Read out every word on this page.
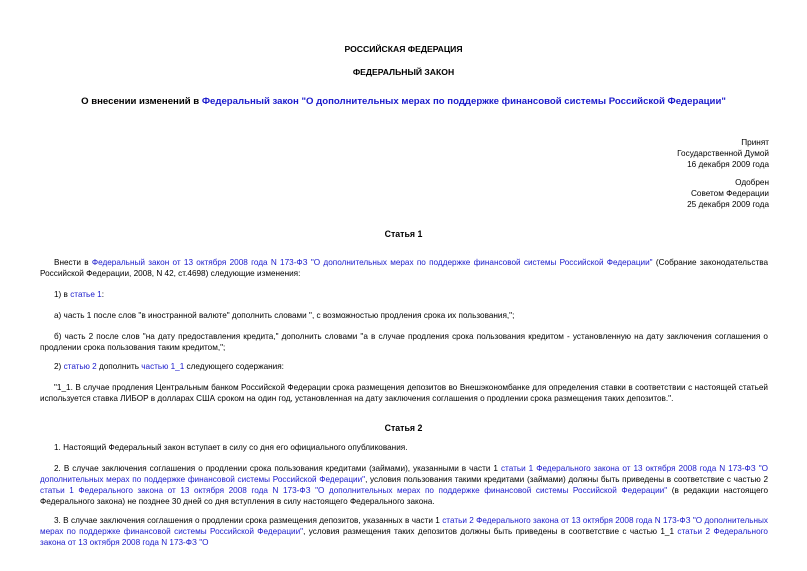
РОССИЙСКАЯ ФЕДЕРАЦИЯ
ФЕДЕРАЛЬНЫЙ ЗАКОН
О внесении изменений в Федеральный закон "О дополнительных мерах по поддержке финансовой системы Российской Федерации"
Принят
Государственной Думой
16 декабря 2009 года
Одобрен
Советом Федерации
25 декабря 2009 года
Статья 1
Внести в Федеральный закон от 13 октября 2008 года N 173-ФЗ "О дополнительных мерах по поддержке финансовой системы Российской Федерации" (Собрание законодательства Российской Федерации, 2008, N 42, ст.4698) следующие изменения:
1) в статье 1:
а) часть 1 после слов "в иностранной валюте" дополнить словами ", с возможностью продления срока их пользования,";
б) часть 2 после слов "на дату предоставления кредита," дополнить словами "а в случае продления срока пользования кредитом - установленную на дату заключения соглашения о продлении срока пользования таким кредитом,";
2) статью 2 дополнить частью 1_1 следующего содержания:
"1_1. В случае продления Центральным банком Российской Федерации срока размещения депозитов во Внешэкономбанке для определения ставки в соответствии с настоящей статьей используется ставка ЛИБОР в долларах США сроком на один год, установленная на дату заключения соглашения о продлении срока размещения таких депозитов.".
Статья 2
1. Настоящий Федеральный закон вступает в силу со дня его официального опубликования.
2. В случае заключения соглашения о продлении срока пользования кредитами (займами), указанными в части 1 статьи 1 Федерального закона от 13 октября 2008 года N 173-ФЗ "О дополнительных мерах по поддержке финансовой системы Российской Федерации", условия пользования такими кредитами (займами) должны быть приведены в соответствие с частью 2 статьи 1 Федерального закона от 13 октября 2008 года N 173-ФЗ "О дополнительных мерах по поддержке финансовой системы Российской Федерации" (в редакции настоящего Федерального закона) не позднее 30 дней со дня вступления в силу настоящего Федерального закона.
3. В случае заключения соглашения о продлении срока размещения депозитов, указанных в части 1 статьи 2 Федерального закона от 13 октября 2008 года N 173-ФЗ "О дополнительных мерах по поддержке финансовой системы Российской Федерации", условия размещения таких депозитов должны быть приведены в соответствие с частью 1_1 статьи 2 Федерального закона от 13 октября 2008 года N 173-ФЗ "О
